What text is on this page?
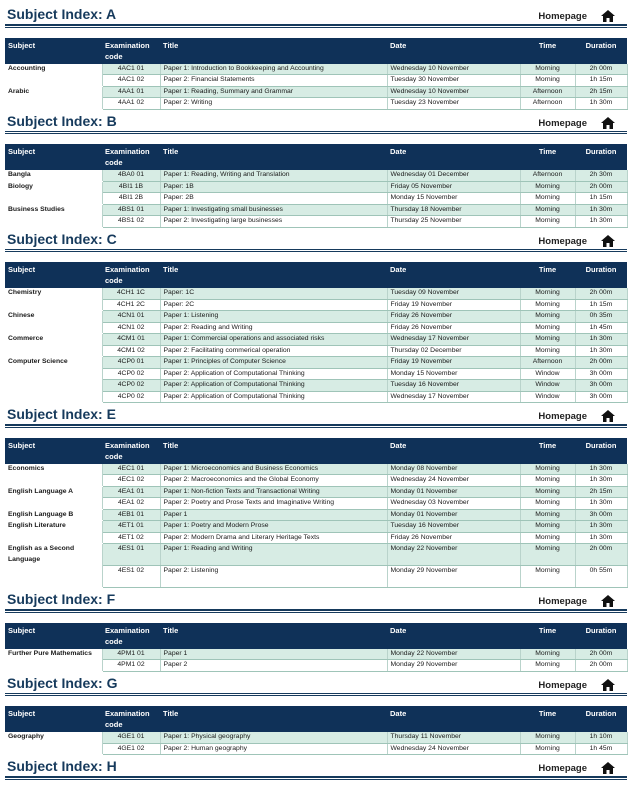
Subject Index: A	Homepage
Subject	Examination code	Title	Date	Time	Duration
Accounting	4AC1 01	Paper 1: Introduction to Bookkeeping and Accounting	Wednesday 10 November	Morning	2h 00m
	4AC1 02	Paper 2: Financial Statements	Tuesday 30 November	Morning	1h 15m
Arabic	4AA1 01	Paper 1: Reading, Summary and Grammar	Wednesday 10 November	Afternoon	2h 15m
	4AA1 02	Paper 2: Writing	Tuesday 23 November	Afternoon	1h 30m
Subject Index: B	Homepage
Subject	Examination code	Title	Date	Time	Duration
Bangla	4BA0 01	Paper 1: Reading, Writing and Translation	Wednesday 01 December	Afternoon	2h 30m
Biology	4BI1 1B	Paper: 1B	Friday 05 November	Morning	2h 00m
	4BI1 2B	Paper: 2B	Monday 15 November	Morning	1h 15m
Business Studies	4BS1 01	Paper 1: Investigating small businesses	Thursday 18 November	Morning	1h 30m
	4BS1 02	Paper 2: Investigating large businesses	Thursday 25 November	Morning	1h 30m
Subject Index: C	Homepage
Subject	Examination code	Title	Date	Time	Duration
Chemistry	4CH1 1C	Paper: 1C	Tuesday 09 November	Morning	2h 00m
	4CH1 2C	Paper: 2C	Friday 19 November	Morning	1h 15m
Chinese	4CN1 01	Paper 1: Listening	Friday 26 November	Morning	0h 35m
	4CN1 02	Paper 2: Reading and Writing	Friday 26 November	Morning	1h 45m
Commerce	4CM1 01	Paper 1: Commercial operations and associated risks	Wednesday 17 November	Morning	1h 30m
	4CM1 02	Paper 2: Facilitating commerical operation	Thursday 02 December	Morning	1h 30m
Computer Science	4CP0 01	Paper 1: Principles of Computer Science	Friday 19 November	Afternoon	2h 00m
	4CP0 02	Paper 2: Application of Computational Thinking	Monday 15 November	Window	3h 00m
	4CP0 02	Paper 2: Application of Computational Thinking	Tuesday 16 November	Window	3h 00m
	4CP0 02	Paper 2: Application of Computational Thinking	Wednesday 17 November	Window	3h 00m
Subject Index: E	Homepage
Subject	Examination code	Title	Date	Time	Duration
Economics	4EC1 01	Paper 1: Microeconomics and Business Economics	Monday 08 November	Morning	1h 30m
	4EC1 02	Paper 2: Macroeconomics and the Global Economy	Wednesday 24 November	Morning	1h 30m
English Language A	4EA1 01	Paper 1: Non-fiction Texts and Transactional Writing	Monday 01 November	Morning	2h 15m
	4EA1 02	Paper 2: Poetry and Prose Texts and Imaginative Writing	Wednesday 03 November	Morning	1h 30m
English Language B	4EB1 01	Paper 1	Monday 01 November	Morning	3h 00m
English Literature	4ET1 01	Paper 1: Poetry and Modern Prose	Tuesday 16 November	Morning	1h 30m
	4ET1 02	Paper 2: Modern Drama and Literary Heritage Texts	Friday 26 November	Morning	1h 30m
English as a Second Language	4ES1 01	Paper 1: Reading and Writing	Monday 22 November	Morning	2h 00m
	4ES1 02	Paper 2: Listening	Monday 29 November	Morning	0h 55m
Subject Index: F	Homepage
Subject	Examination code	Title	Date	Time	Duration
Further Pure Mathematics	4PM1 01	Paper 1	Monday 22 November	Morning	2h 00m
	4PM1 02	Paper 2	Monday 29 November	Morning	2h 00m
Subject Index: G	Homepage
Subject	Examination code	Title	Date	Time	Duration
Geography	4GE1 01	Paper 1: Physical geography	Thursday 11 November	Morning	1h 10m
	4GE1 02	Paper 2: Human geography	Wednesday 24 November	Morning	1h 45m
Subject Index: H	Homepage
